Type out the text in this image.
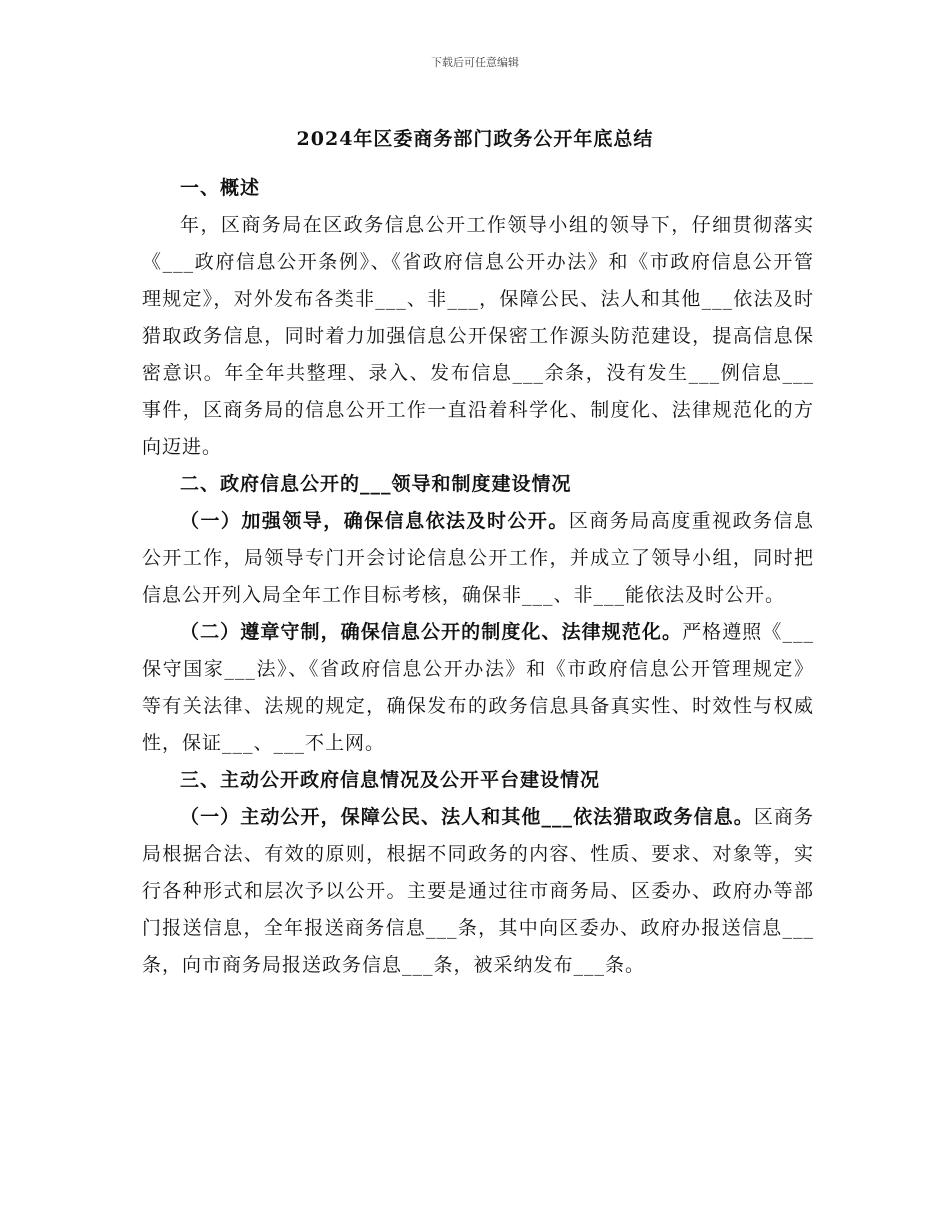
下载后可任意编辑
2024年区委商务部门政务公开年底总结
一、概述

年，区商务局在区政务信息公开工作领导小组的领导下，仔细贯彻落实《___政府信息公开条例》、《省政府信息公开办法》和《市政府信息公开管理规定》，对外发布各类非___、非___，保障公民、法人和其他___依法及时猎取政务信息，同时着力加强信息公开保密工作源头防范建设，提高信息保密意识。年全年共整理、录入、发布信息___余条，没有发生___例信息___事件，区商务局的信息公开工作一直沿着科学化、制度化、法律规范化的方向迈进。

二、政府信息公开的___领导和制度建设情况

（一）加强领导，确保信息依法及时公开。区商务局高度重视政务信息公开工作，局领导专门开会讨论信息公开工作，并成立了领导小组，同时把信息公开列入局全年工作目标考核，确保非___、非___能依法及时公开。

（二）遵章守制，确保信息公开的制度化、法律规范化。严格遵照《___保守国家___法》、《省政府信息公开办法》和《市政府信息公开管理规定》等有关法律、法规的规定，确保发布的政务信息具备真实性、时效性与权威性，保证___、___不上网。

三、主动公开政府信息情况及公开平台建设情况

（一）主动公开，保障公民、法人和其他___依法猎取政务信息。区商务局根据合法、有效的原则，根据不同政务的内容、性质、要求、对象等，实行各种形式和层次予以公开。主要是通过往市商务局、区委办、政府办等部门报送信息，全年报送商务信息___条，其中向区委办、政府办报送信息___条，向市商务局报送政务信息___条，被采纳发布___条。
